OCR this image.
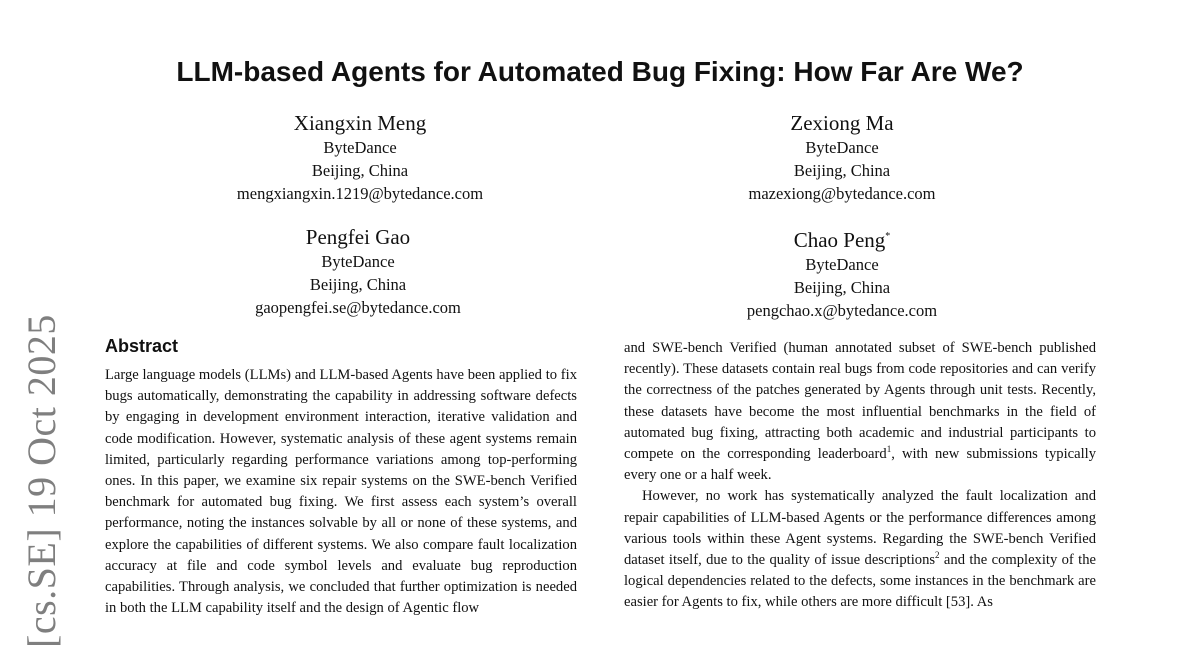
[cs.SE] 19 Oct 2025
LLM-based Agents for Automated Bug Fixing: How Far Are We?
Xiangxin Meng
ByteDance
Beijing, China
mengxiangxin.1219@bytedance.com
Zexiong Ma
ByteDance
Beijing, China
mazexiong@bytedance.com
Pengfei Gao
ByteDance
Beijing, China
gaopengfei.se@bytedance.com
Chao Peng*
ByteDance
Beijing, China
pengchao.x@bytedance.com
Abstract

Large language models (LLMs) and LLM-based Agents have been applied to fix bugs automatically, demonstrating the capability in addressing software defects by engaging in development environment interaction, iterative validation and code modification. However, systematic analysis of these agent systems remain limited, particularly regarding performance variations among top-performing ones. In this paper, we examine six repair systems on the SWE-bench Verified benchmark for automated bug fixing. We first assess each system’s overall performance, noting the instances solvable by all or none of these systems, and explore the capabilities of different systems. We also compare fault localization accuracy at file and code symbol levels and evaluate bug reproduction capabilities. Through analysis, we concluded that further optimization is needed in both the LLM capability itself and the design of Agentic flow

and SWE-bench Verified (human annotated subset of SWE-bench published recently). These datasets contain real bugs from code repositories and can verify the correctness of the patches generated by Agents through unit tests. Recently, these datasets have become the most influential benchmarks in the field of automated bug fixing, attracting both academic and industrial participants to compete on the corresponding leaderboard$^1$, with new submissions typically every one or a half week.

However, no work has systematically analyzed the fault localization and repair capabilities of LLM-based Agents or the performance differences among various tools within these Agent systems. Regarding the SWE-bench Verified dataset itself, due to the quality of issue descriptions$^2$ and the complexity of the logical dependencies related to the defects, some instances in the benchmark are easier for Agents to fix, while others are more difficult [53]. As
